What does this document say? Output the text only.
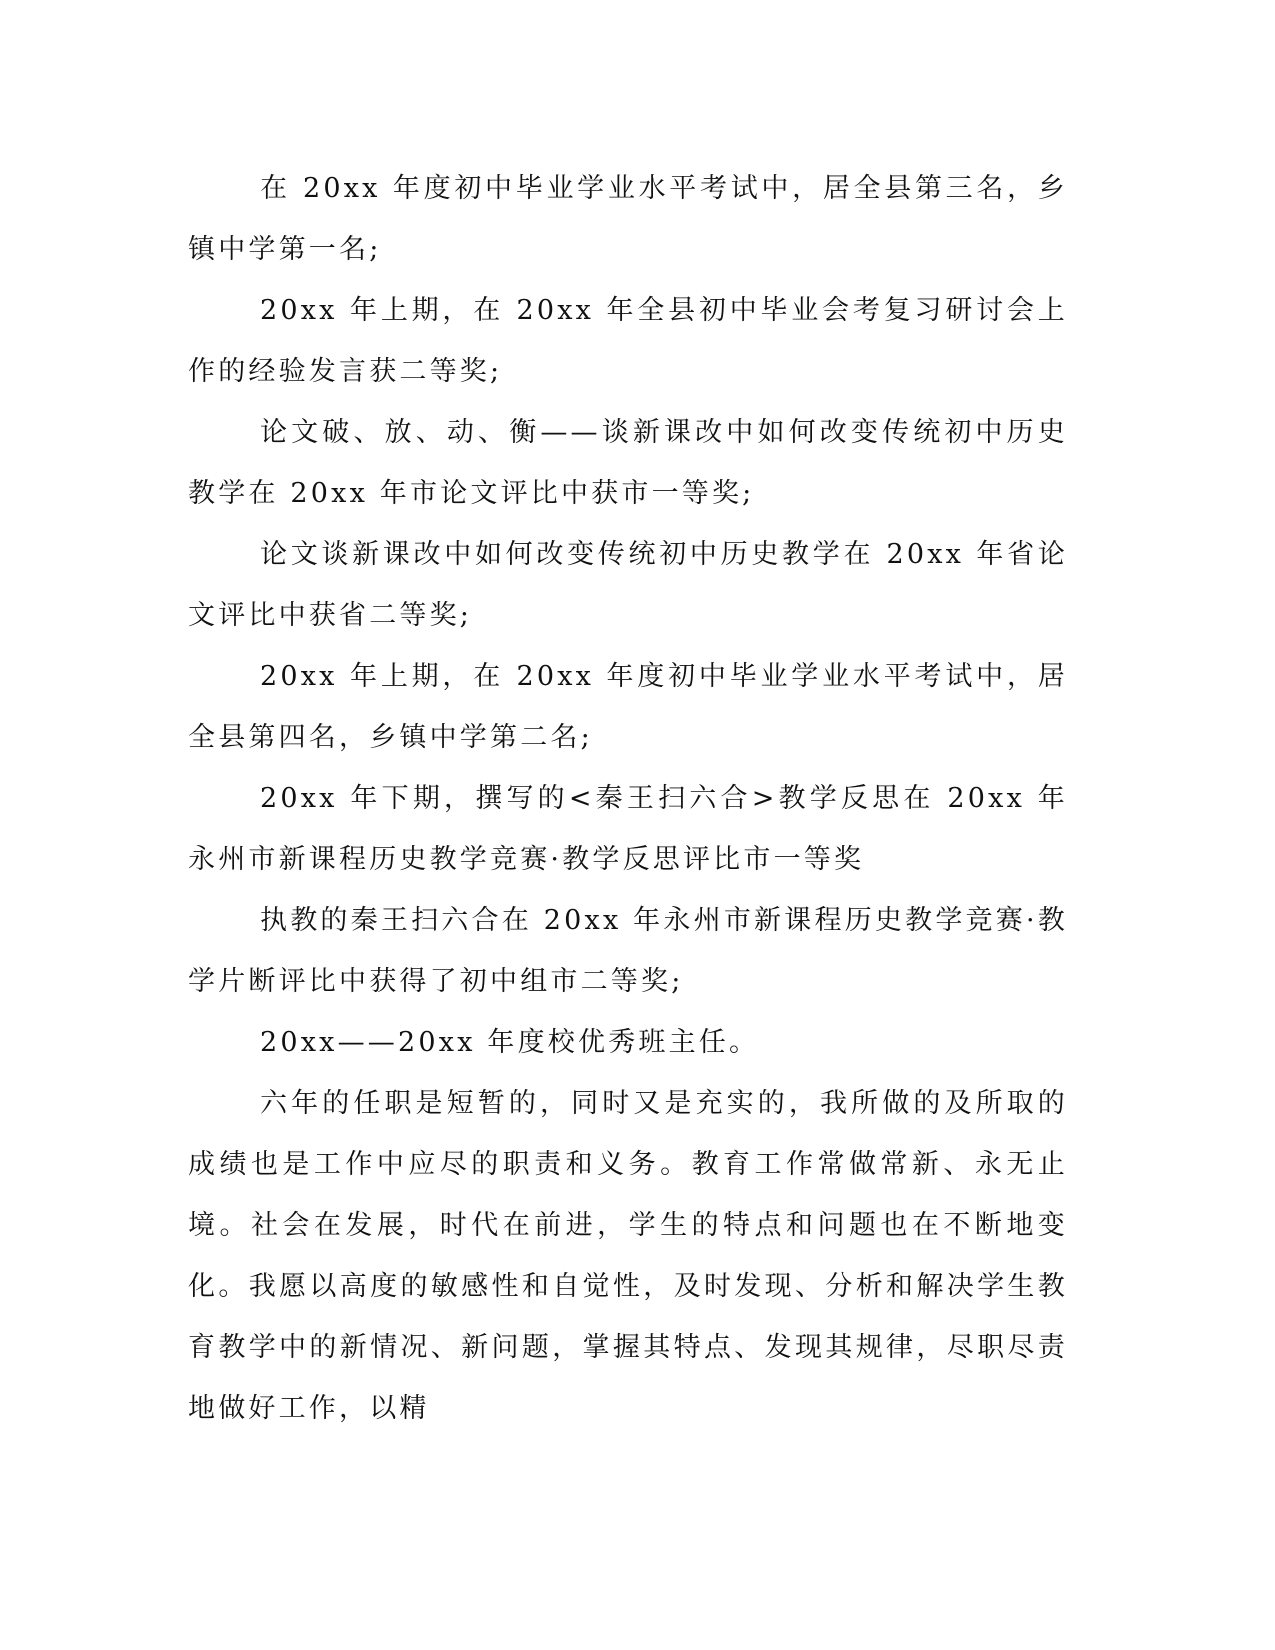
在 20xx 年度初中毕业学业水平考试中，居全县第三名，乡镇中学第一名;

20xx 年上期，在 20xx 年全县初中毕业会考复习研讨会上作的经验发言获二等奖;

论文破、放、动、衡——谈新课改中如何改变传统初中历史教学在 20xx 年市论文评比中获市一等奖;

论文谈新课改中如何改变传统初中历史教学在 20xx 年省论文评比中获省二等奖;

20xx 年上期，在 20xx 年度初中毕业学业水平考试中，居全县第四名，乡镇中学第二名;

20xx 年下期，撰写的<秦王扫六合>教学反思在 20xx 年永州市新课程历史教学竞赛·教学反思评比市一等奖

执教的秦王扫六合在 20xx 年永州市新课程历史教学竞赛·教学片断评比中获得了初中组市二等奖;

20xx——20xx 年度校优秀班主任。

六年的任职是短暂的，同时又是充实的，我所做的及所取的成绩也是工作中应尽的职责和义务。教育工作常做常新、永无止境。社会在发展，时代在前进，学生的特点和问题也在不断地变化。我愿以高度的敏感性和自觉性，及时发现、分析和解决学生教育教学中的新情况、新问题，掌握其特点、发现其规律，尽职尽责地做好工作，以精
